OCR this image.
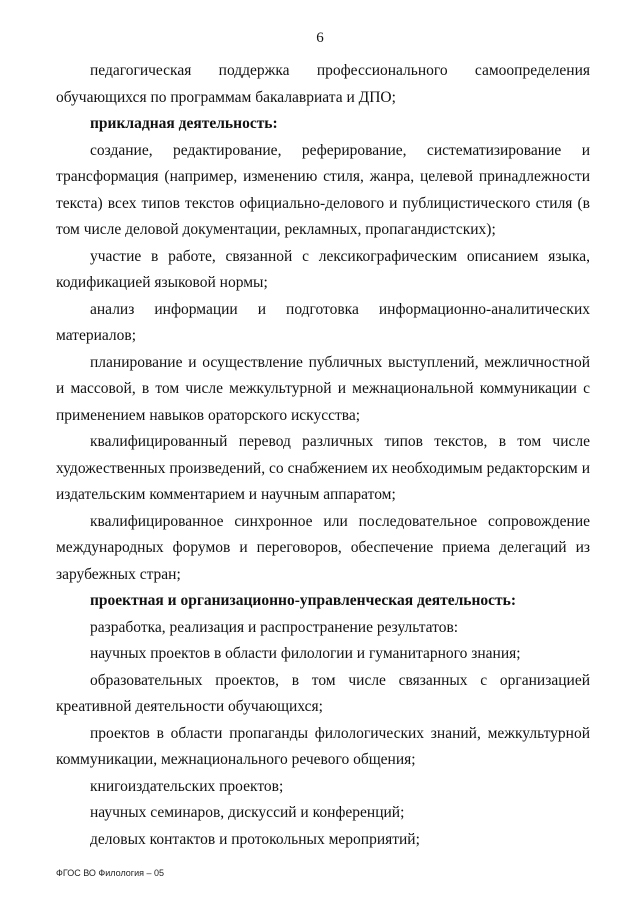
6

педагогическая поддержка профессионального самоопределения обучающихся по программам бакалавриата и ДПО;

прикладная деятельность:

создание, редактирование, реферирование, систематизирование и трансформация (например, изменению стиля, жанра, целевой принадлежности текста) всех типов текстов официально-делового и публицистического стиля (в том числе деловой документации, рекламных, пропагандистских);

участие в работе, связанной с лексикографическим описанием языка, кодификацией языковой нормы;

анализ информации и подготовка информационно-аналитических материалов;

планирование и осуществление публичных выступлений, межличностной и массовой, в том числе межкультурной и межнациональной коммуникации с применением навыков ораторского искусства;

квалифицированный перевод различных типов текстов, в том числе художественных произведений, со снабжением их необходимым редакторским и издательским комментарием и научным аппаратом;

квалифицированное синхронное или последовательное сопровождение международных форумов и переговоров, обеспечение приема делегаций из зарубежных стран;

проектная и организационно-управленческая деятельность:

разработка, реализация и распространение результатов:

научных проектов в области филологии и гуманитарного знания;

образовательных проектов, в том числе связанных с организацией креативной деятельности обучающихся;

проектов в области пропаганды филологических знаний, межкультурной коммуникации, межнационального речевого общения;

книгоиздательских проектов;

научных семинаров, дискуссий и конференций;

деловых контактов и протокольных мероприятий;

ФГОС ВО Филология – 05
